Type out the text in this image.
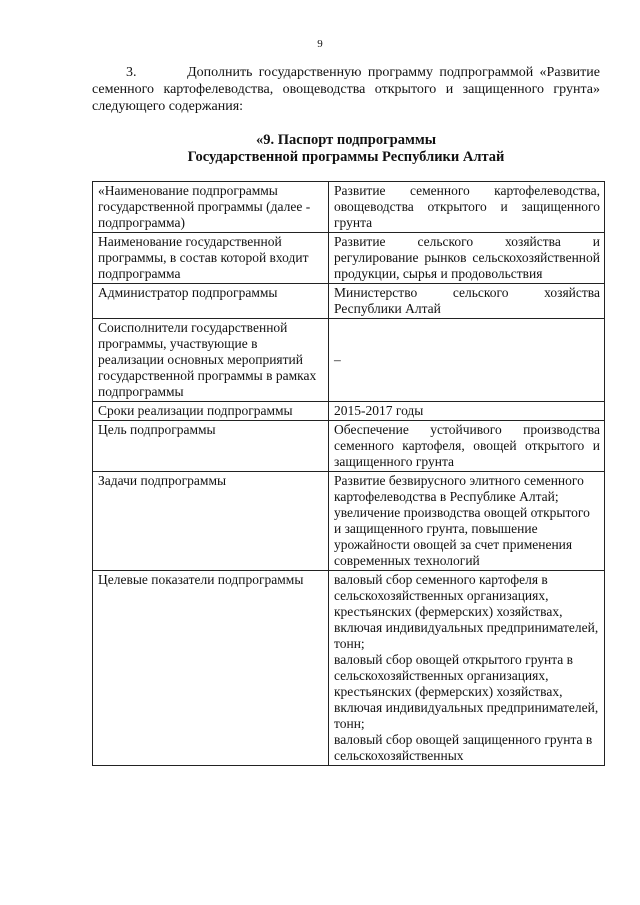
9

3.        Дополнить государственную программу подпрограммой «Развитие семенного картофелеводства, овощеводства открытого и защищенного грунта» следующего содержания:

«9. Паспорт подпрограммы
Государственной программы Республики Алтай
«Наименование подпрограммы государственной программы (далее - подпрограмма)	Развитие семенного картофелеводства, овощеводства открытого и защищенного грунта
Наименование государственной программы, в состав которой входит подпрограмма	Развитие сельского хозяйства и регулирование рынков сельскохозяйственной продукции, сырья и продовольствия
Администратор подпрограммы	Министерство сельского хозяйства Республики Алтай
Соисполнители государственной программы, участвующие в реализации основных мероприятий государственной программы в рамках подпрограммы	–
Сроки реализации подпрограммы	2015-2017 годы
Цель подпрограммы	Обеспечение устойчивого производства семенного картофеля, овощей открытого и защищенного грунта
Задачи подпрограммы	Развитие безвирусного элитного семенного картофелеводства в Республике Алтай;
увеличение производства овощей открытого и защищенного грунта, повышение урожайности овощей за счет применения современных технологий

Целевые показатели подпрограммы	валовый сбор семенного картофеля в сельскохозяйственных организациях, крестьянских (фермерских) хозяйствах, включая индивидуальных предпринимателей, тонн;
валовый сбор овощей открытого грунта в сельскохозяйственных организациях, крестьянских (фермерских) хозяйствах, включая индивидуальных предпринимателей, тонн;
валовый сбор овощей защищенного грунта в сельскохозяйственных
